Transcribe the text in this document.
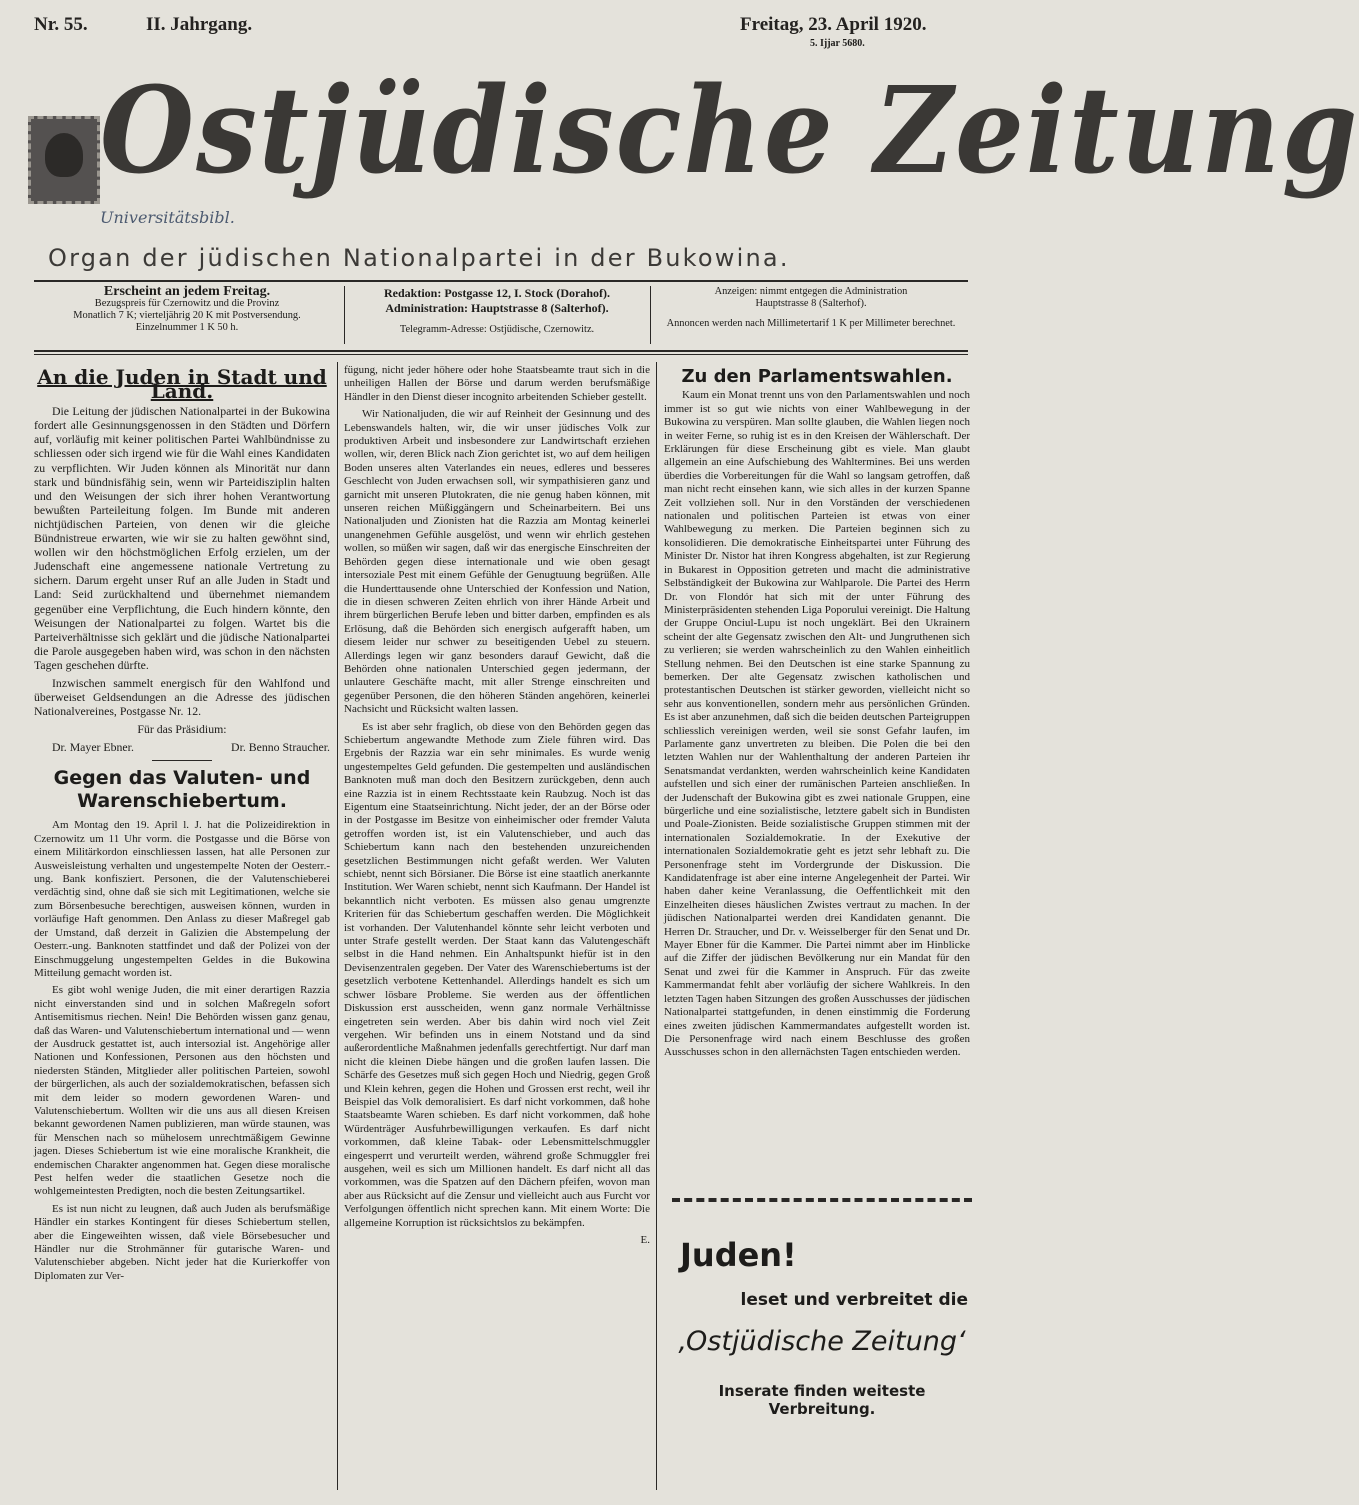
Nr. 55.	II. Jahrgang.	Freitag, 23. April 1920.
5. Ijjar 5680.
Ostjüdische Zeitung
Universitätsbibl.
Organ der jüdischen Nationalpartei in der Bukowina.
Erscheint an jedem Freitag.
Bezugspreis für Czernowitz und die Provinz
Monatlich 7 K; vierteljährig 20 K mit Postversendung.
Einzelnummer 1 K 50 h.
Redaktion: Postgasse 12, I. Stock (Dorahof).
Administration: Hauptstrasse 8 (Salterhof).
Telegramm-Adresse: Ostjüdische, Czernowitz.
Anzeigen: nimmt entgegen die Administration
Hauptstrasse 8 (Salterhof).
Annoncen werden nach Millimetertarif 1 K per Millimeter berechnet.
An die Juden in Stadt und Land.

Die Leitung der jüdischen Nationalpartei in der Bukowina fordert alle Gesinnungsgenossen in den Städten und Dörfern auf, vorläufig mit keiner politischen Partei Wahlbündnisse zu schliessen oder sich irgend wie für die Wahl eines Kandidaten zu verpflichten. Wir Juden können als Minorität nur dann stark und bündnisfähig sein, wenn wir Parteidisziplin halten und den Weisungen der sich ihrer hohen Verantwortung bewußten Parteileitung folgen. Im Bunde mit anderen nichtjüdischen Parteien, von denen wir die gleiche Bündnistreue erwarten, wie wir sie zu halten gewöhnt sind, wollen wir den höchstmöglichen Erfolg erzielen, um der Judenschaft eine angemessene nationale Vertretung zu sichern. Darum ergeht unser Ruf an alle Juden in Stadt und Land: Seid zurückhaltend und übernehmet niemandem gegenüber eine Verpflichtung, die Euch hindern könnte, den Weisungen der Nationalpartei zu folgen. Wartet bis die Parteiverhältnisse sich geklärt und die jüdische Nationalpartei die Parole ausgegeben haben wird, was schon in den nächsten Tagen geschehen dürfte.

Inzwischen sammelt energisch für den Wahlfond und überweiset Geldsendungen an die Adresse des jüdischen Nationalvereines, Postgasse Nr. 12.

Für das Präsidium:

Dr. Mayer Ebner.	Dr. Benno Straucher.

Gegen das Valuten- und Warenschiebertum.

Am Montag den 19. April l. J. hat die Polizeidirektion in Czernowitz um 11 Uhr vorm. die Postgasse und die Börse von einem Militärkordon einschliessen lassen, hat alle Personen zur Ausweisleistung verhalten und ungestempelte Noten der Oesterr.-ung. Bank konfisziert. Personen, die der Valutenschieberei verdächtig sind, ohne daß sie sich mit Legitimationen, welche sie zum Börsenbesuche berechtigen, ausweisen können, wurden in vorläufige Haft genommen. Den Anlass zu dieser Maßregel gab der Umstand, daß derzeit in Galizien die Abstempelung der Oesterr.-ung. Banknoten stattfindet und daß der Polizei von der Einschmuggelung ungestempelten Geldes in die Bukowina Mitteilung gemacht worden ist.

Es gibt wohl wenige Juden, die mit einer derartigen Razzia nicht einverstanden sind und in solchen Maßregeln sofort Antisemitismus riechen. Nein! Die Behörden wissen ganz genau, daß das Waren- und Valutenschiebertum international und — wenn der Ausdruck gestattet ist, auch intersozial ist. Angehörige aller Nationen und Konfessionen, Personen aus den höchsten und niedersten Ständen, Mitglieder aller politischen Parteien, sowohl der bürgerlichen, als auch der sozialdemokratischen, befassen sich mit dem leider so modern gewordenen Waren- und Valutenschiebertum. Wollten wir die uns aus all diesen Kreisen bekannt gewordenen Namen publizieren, man würde staunen, was für Menschen nach so mühelosem unrechtmäßigem Gewinne jagen. Dieses Schiebertum ist wie eine moralische Krankheit, die endemischen Charakter angenommen hat. Gegen diese moralische Pest helfen weder die staatlichen Gesetze noch die wohlgemeintesten Predigten, noch die besten Zeitungsartikel.

Es ist nun nicht zu leugnen, daß auch Juden als berufsmäßige Händler ein starkes Kontingent für dieses Schiebertum stellen, aber die Eingeweihten wissen, daß viele Börsebesucher und Händler nur die Strohmänner für gutarische Waren- und Valutenschieber abgeben. Nicht jeder hat die Kurierkoffer von Diplomaten zur Ver-

fügung, nicht jeder höhere oder hohe Staatsbeamte traut sich in die unheiligen Hallen der Börse und darum werden berufsmäßige Händler in den Dienst dieser incognito arbeitenden Schieber gestellt.

Wir Nationaljuden, die wir auf Reinheit der Gesinnung und des Lebenswandels halten, wir, die wir unser jüdisches Volk zur produktiven Arbeit und insbesondere zur Landwirtschaft erziehen wollen, wir, deren Blick nach Zion gerichtet ist, wo auf dem heiligen Boden unseres alten Vaterlandes ein neues, edleres und besseres Geschlecht von Juden erwachsen soll, wir sympathisieren ganz und garnicht mit unseren Plutokraten, die nie genug haben können, mit unseren reichen Müßiggängern und Scheinarbeitern. Bei uns Nationaljuden und Zionisten hat die Razzia am Montag keinerlei unangenehmen Gefühle ausgelöst, und wenn wir ehrlich gestehen wollen, so müßen wir sagen, daß wir das energische Einschreiten der Behörden gegen diese internationale und wie oben gesagt intersoziale Pest mit einem Gefühle der Genugtuung begrüßen. Alle die Hunderttausende ohne Unterschied der Konfession und Nation, die in diesen schweren Zeiten ehrlich von ihrer Hände Arbeit und ihrem bürgerlichen Berufe leben und bitter darben, empfinden es als Erlösung, daß die Behörden sich energisch aufgerafft haben, um diesem leider nur schwer zu beseitigenden Uebel zu steuern. Allerdings legen wir ganz besonders darauf Gewicht, daß die Behörden ohne nationalen Unterschied gegen jedermann, der unlautere Geschäfte macht, mit aller Strenge einschreiten und gegenüber Personen, die den höheren Ständen angehören, keinerlei Nachsicht und Rücksicht walten lassen.

Es ist aber sehr fraglich, ob diese von den Behörden gegen das Schiebertum angewandte Methode zum Ziele führen wird. Das Ergebnis der Razzia war ein sehr minimales. Es wurde wenig ungestempeltes Geld gefunden. Die gestempelten und ausländischen Banknoten muß man doch den Besitzern zurückgeben, denn auch eine Razzia ist in einem Rechtsstaate kein Raubzug. Noch ist das Eigentum eine Staatseinrichtung. Nicht jeder, der an der Börse oder in der Postgasse im Besitze von einheimischer oder fremder Valuta getroffen worden ist, ist ein Valutenschieber, und auch das Schiebertum kann nach den bestehenden unzureichenden gesetzlichen Bestimmungen nicht gefaßt werden. Wer Valuten schiebt, nennt sich Börsianer. Die Börse ist eine staatlich anerkannte Institution. Wer Waren schiebt, nennt sich Kaufmann. Der Handel ist bekanntlich nicht verboten. Es müssen also genau umgrenzte Kriterien für das Schiebertum geschaffen werden. Die Möglichkeit ist vorhanden. Der Valutenhandel könnte sehr leicht verboten und unter Strafe gestellt werden. Der Staat kann das Valutengeschäft selbst in die Hand nehmen. Ein Anhaltspunkt hiefür ist in den Devisenzentralen gegeben. Der Vater des Warenschiebertums ist der gesetzlich verbotene Kettenhandel. Allerdings handelt es sich um schwer lösbare Probleme. Sie werden aus der öffentlichen Diskussion erst ausscheiden, wenn ganz normale Verhältnisse eingetreten sein werden. Aber bis dahin wird noch viel Zeit vergehen. Wir befinden uns in einem Notstand und da sind außerordentliche Maßnahmen jedenfalls gerechtfertigt. Nur darf man nicht die kleinen Diebe hängen und die großen laufen lassen. Die Schärfe des Gesetzes muß sich gegen Hoch und Niedrig, gegen Groß und Klein kehren, gegen die Hohen und Grossen erst recht, weil ihr Beispiel das Volk demoralisiert. Es darf nicht vorkommen, daß hohe Staatsbeamte Waren schieben. Es darf nicht vorkommen, daß hohe Würdenträger Ausfuhrbewilligungen verkaufen. Es darf nicht vorkommen, daß kleine Tabak- oder Lebensmittelschmuggler eingesperrt und verurteilt werden, während große Schmuggler frei ausgehen, weil es sich um Millionen handelt. Es darf nicht all das vorkommen, was die Spatzen auf den Dächern pfeifen, wovon man aber aus Rücksicht auf die Zensur und vielleicht auch aus Furcht vor Verfolgungen öffentlich nicht sprechen kann. Mit einem Worte: Die allgemeine Korruption ist rücksichtslos zu bekämpfen.

E.

Zu den Parlamentswahlen.

Kaum ein Monat trennt uns von den Parlamentswahlen und noch immer ist so gut wie nichts von einer Wahlbewegung in der Bukowina zu verspüren. Man sollte glauben, die Wahlen liegen noch in weiter Ferne, so ruhig ist es in den Kreisen der Wählerschaft. Der Erklärungen für diese Erscheinung gibt es viele. Man glaubt allgemein an eine Aufschiebung des Wahltermines. Bei uns werden überdies die Vorbereitungen für die Wahl so langsam getroffen, daß man nicht recht einsehen kann, wie sich alles in der kurzen Spanne Zeit vollziehen soll. Nur in den Vorständen der verschiedenen nationalen und politischen Parteien ist etwas von einer Wahlbewegung zu merken. Die Parteien beginnen sich zu konsolidieren. Die demokratische Einheitspartei unter Führung des Minister Dr. Nistor hat ihren Kongress abgehalten, ist zur Regierung in Bukarest in Opposition getreten und macht die administrative Selbständigkeit der Bukowina zur Wahlparole. Die Partei des Herrn Dr. von Flondór hat sich mit der unter Führung des Ministerpräsidenten stehenden Liga Poporului vereinigt. Die Haltung der Gruppe Onciul-Lupu ist noch ungeklärt. Bei den Ukrainern scheint der alte Gegensatz zwischen den Alt- und Jungruthenen sich zu verlieren; sie werden wahrscheinlich zu den Wahlen einheitlich Stellung nehmen. Bei den Deutschen ist eine starke Spannung zu bemerken. Der alte Gegensatz zwischen katholischen und protestantischen Deutschen ist stärker geworden, vielleicht nicht so sehr aus konventionellen, sondern mehr aus persönlichen Gründen. Es ist aber anzunehmen, daß sich die beiden deutschen Parteigruppen schliesslich vereinigen werden, weil sie sonst Gefahr laufen, im Parlamente ganz unvertreten zu bleiben. Die Polen die bei den letzten Wahlen nur der Wahlenthaltung der anderen Parteien ihr Senatsmandat verdankten, werden wahrscheinlich keine Kandidaten aufstellen und sich einer der rumänischen Parteien anschließen. In der Judenschaft der Bukowina gibt es zwei nationale Gruppen, eine bürgerliche und eine sozialistische, letztere gabelt sich in Bundisten und Poale-Zionisten. Beide sozialistische Gruppen stimmen mit der internationalen Sozialdemokratie. In der Exekutive der internationalen Sozialdemokratie geht es jetzt sehr lebhaft zu. Die Personenfrage steht im Vordergrunde der Diskussion. Die Kandidatenfrage ist aber eine interne Angelegenheit der Partei. Wir haben daher keine Veranlassung, die Oeffentlichkeit mit den Einzelheiten dieses häuslichen Zwistes vertraut zu machen. In der jüdischen Nationalpartei werden drei Kandidaten genannt. Die Herren Dr. Straucher, und Dr. v. Weisselberger für den Senat und Dr. Mayer Ebner für die Kammer. Die Partei nimmt aber im Hinblicke auf die Ziffer der jüdischen Bevölkerung nur ein Mandat für den Senat und zwei für die Kammer in Anspruch. Für das zweite Kammermandat fehlt aber vorläufig der sichere Wahlkreis. In den letzten Tagen haben Sitzungen des großen Ausschusses der jüdischen Nationalpartei stattgefunden, in denen einstimmig die Forderung eines zweiten jüdischen Kammermandates aufgestellt worden ist. Die Personenfrage wird nach einem Beschlusse des großen Ausschusses schon in den allernächsten Tagen entschieden werden.

Juden!
leset und verbreitet die
‚Ostjüdische Zeitung‘
Inserate finden weiteste Verbreitung.
